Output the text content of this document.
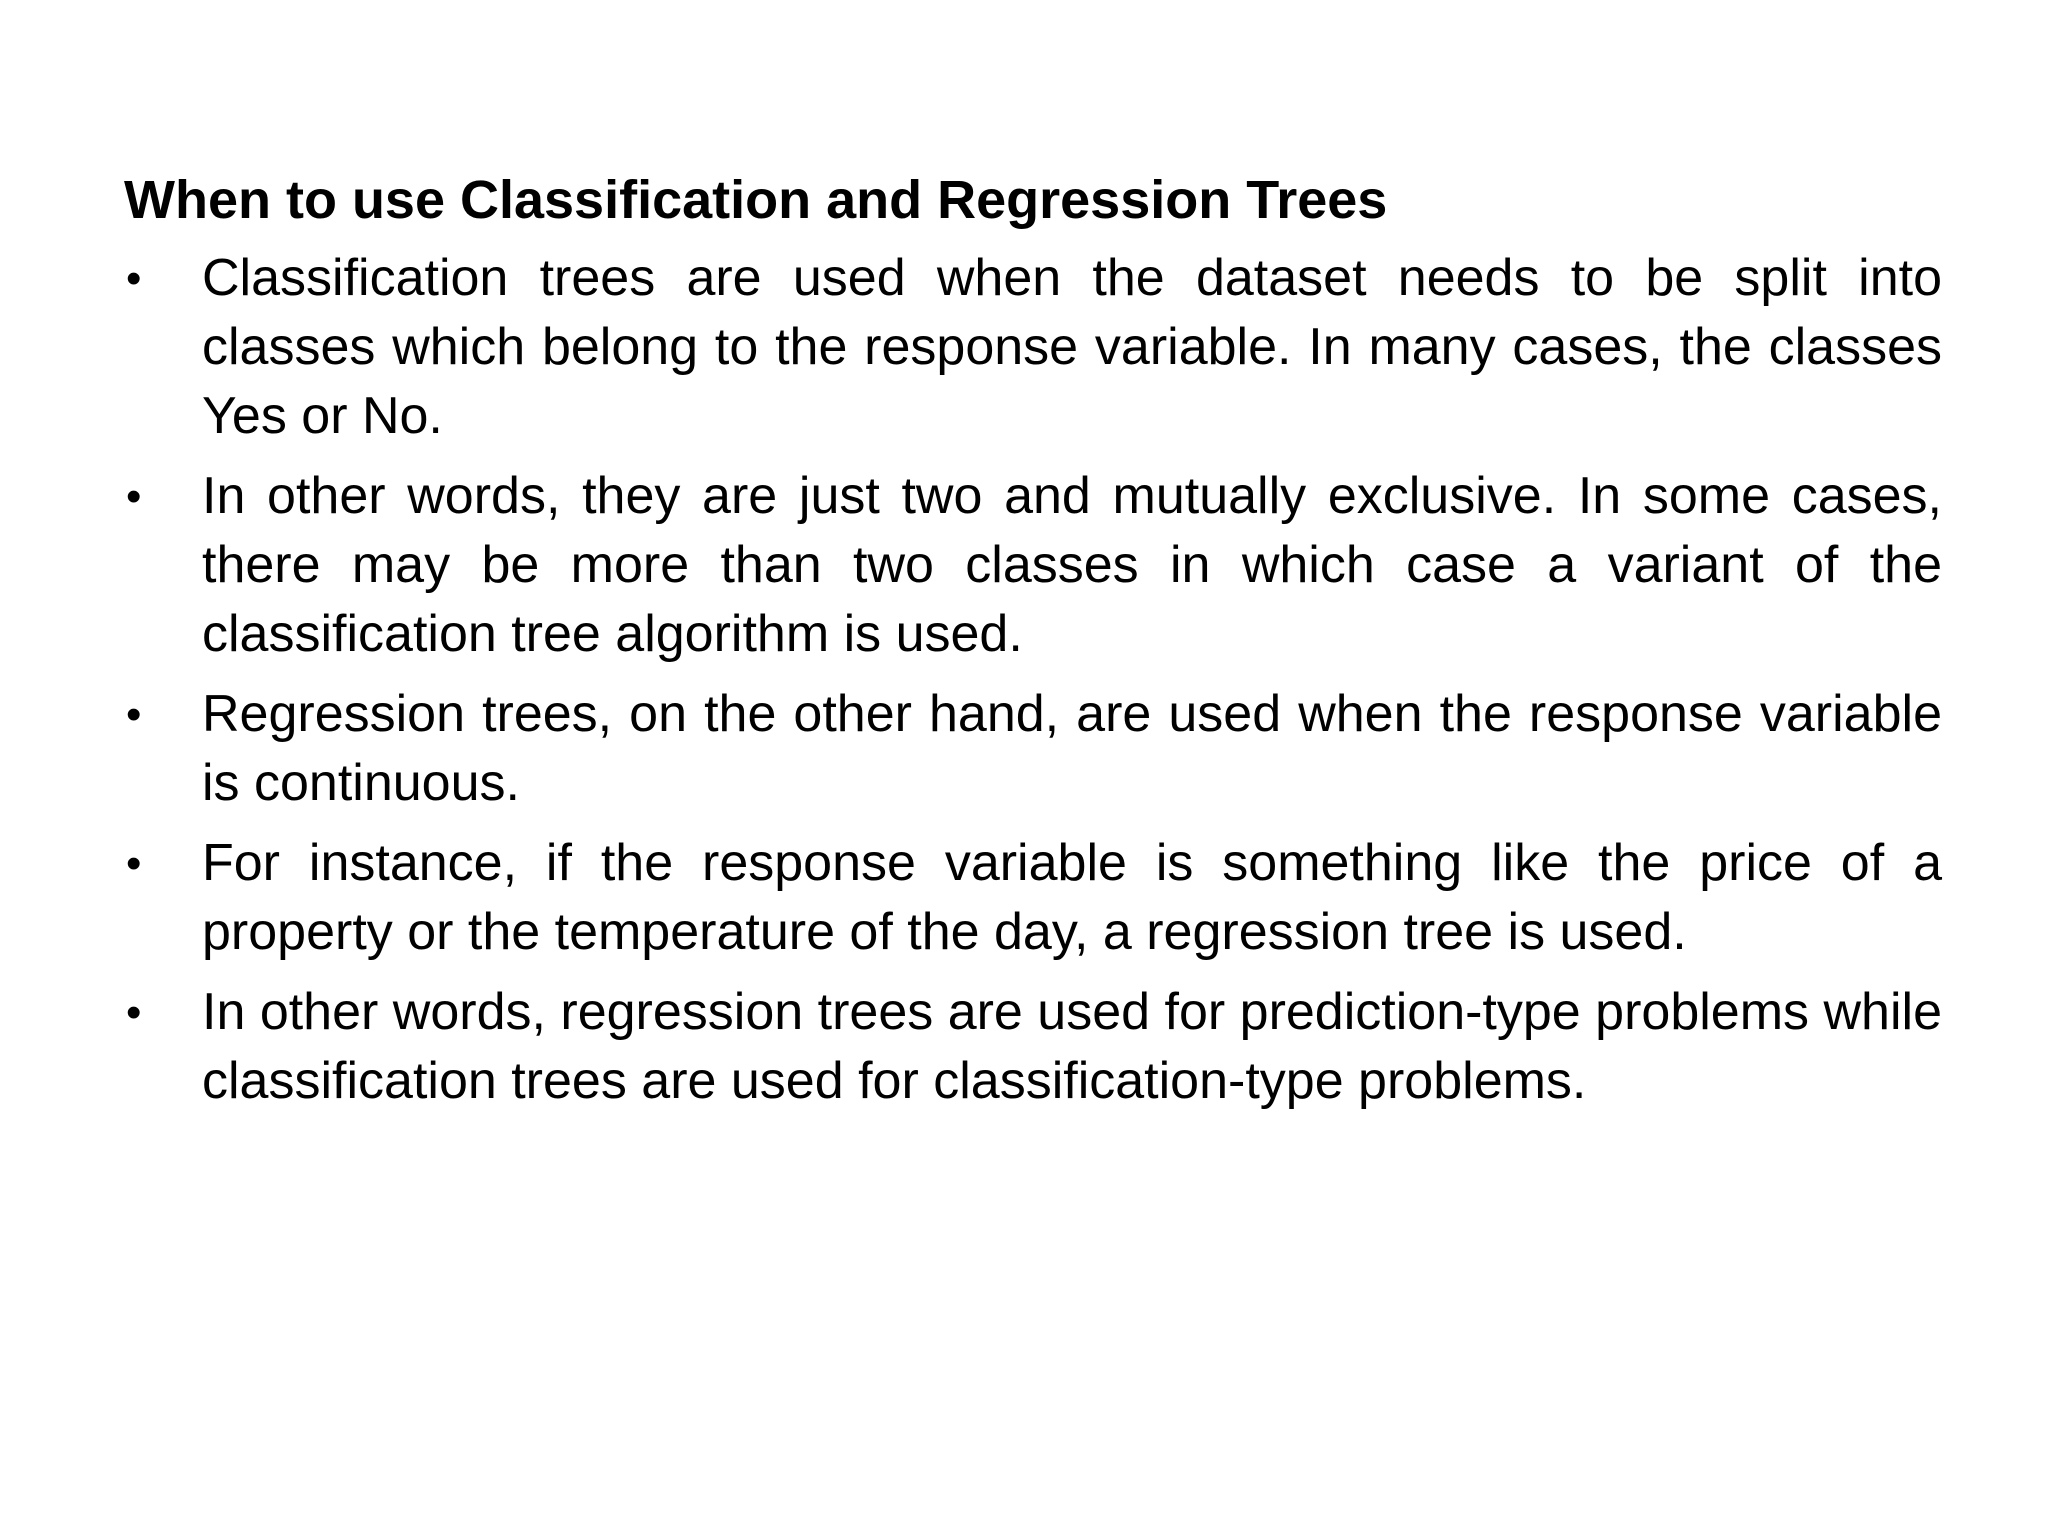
When to use Classification and Regression Trees
•	Classification trees are used when the dataset needs to be split into classes which belong to the response variable. In many cases, the classes Yes or No.
•	In other words, they are just two and mutually exclusive. In some cases, there may be more than two classes in which case a variant of the classification tree algorithm is used.
•	Regression trees, on the other hand, are used when the response variable is continuous.
•	For instance, if the response variable is something like the price of a property or the temperature of the day, a regression tree is used.
•	In other words, regression trees are used for prediction-type problems while classification trees are used for classification-type problems.
